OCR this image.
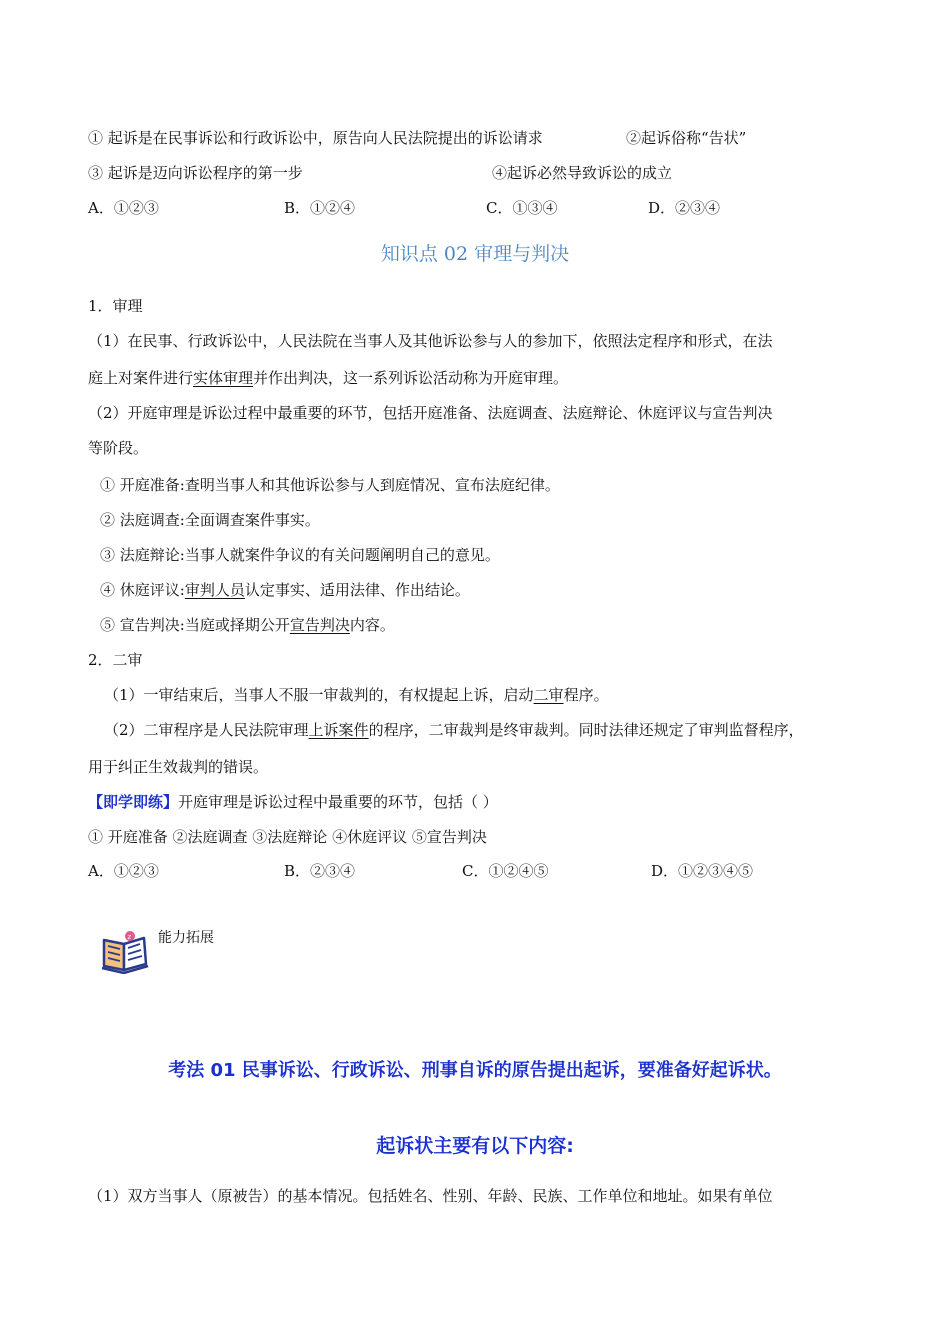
① 起诉是在民事诉讼和行政诉讼中，原告向人民法院提出的诉讼请求	②起诉俗称“告状”
③ 起诉是迈向诉讼程序的第一步	④起诉必然导致诉讼的成立
A．①②③	B．①②④	C．①③④	D．②③④
知识点 02 审理与判决
1．审理
（1）在民事、行政诉讼中，人民法院在当事人及其他诉讼参与人的参加下，依照法定程序和形式，在法
庭上对案件进行实体审理并作出判决，这一系列诉讼活动称为开庭审理。
（2）开庭审理是诉讼过程中最重要的环节，包括开庭准备、法庭调查、法庭辩论、休庭评议与宣告判决
等阶段。
① 开庭准备:查明当事人和其他诉讼参与人到庭情况、宣布法庭纪律。
② 法庭调查:全面调查案件事实。
③ 法庭辩论:当事人就案件争议的有关问题阐明自己的意见。
④ 休庭评议:审判人员认定事实、适用法律、作出结论。
⑤ 宣告判决:当庭或择期公开宣告判决内容。
2．二审
（1）一审结束后，当事人不服一审裁判的，有权提起上诉，启动二审程序。
（2）二审程序是人民法院审理上诉案件的程序，二审裁判是终审裁判。同时法律还规定了审判监督程序，
用于纠正生效裁判的错误。
【即学即练】开庭审理是诉讼过程中最重要的环节，包括（ ）
① 开庭准备 ②法庭调查 ③法庭辩论 ④休庭评议 ⑤宣告判决
A．①②③	B．②③④	C．①②④⑤	D．①②③④⑤
z 能力拓展
考法 01 民事诉讼、行政诉讼、刑事自诉的原告提出起诉，要准备好起诉状。
起诉状主要有以下内容:
（1）双方当事人（原被告）的基本情况。包括姓名、性别、年龄、民族、工作单位和地址。如果有单位
